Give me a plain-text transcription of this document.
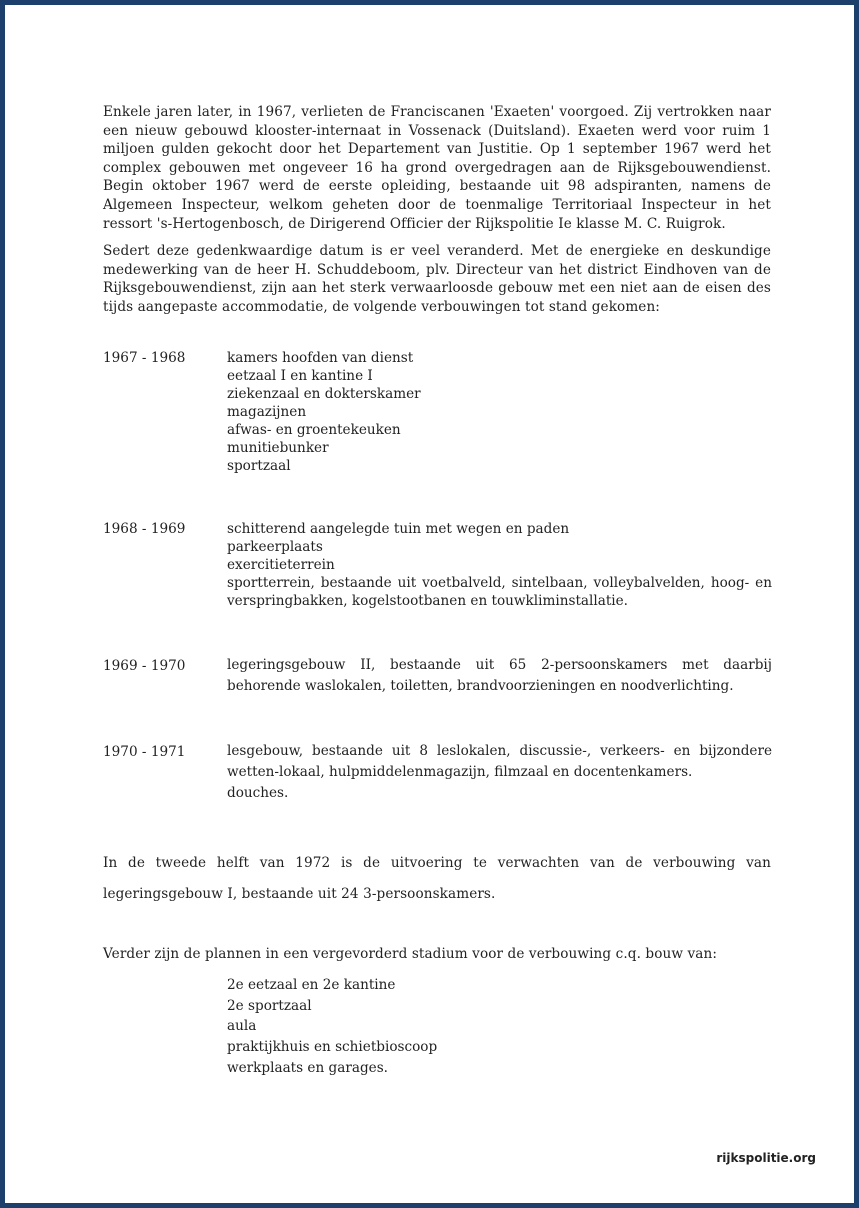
Enkele jaren later, in 1967, verlieten de Franciscanen 'Exaeten' voorgoed. Zij vertrokken naar een nieuw gebouwd klooster-internaat in Vossenack (Duitsland). Exaeten werd voor ruim 1 miljoen gulden gekocht door het Departement van Justitie. Op 1 september 1967 werd het complex gebouwen met ongeveer 16 ha grond overgedragen aan de Rijksgebouwendienst. Begin oktober 1967 werd de eerste opleiding, bestaande uit 98 adspiranten, namens de Algemeen Inspecteur, welkom geheten door de toenmalige Territoriaal Inspecteur in het ressort 's-Hertogenbosch, de Dirigerend Officier der Rijkspolitie Ie klasse M. C. Ruigrok.

Sedert deze gedenkwaardige datum is er veel veranderd. Met de energieke en deskundige medewerking van de heer H. Schuddeboom, plv. Directeur van het district Eindhoven van de Rijksgebouwendienst, zijn aan het sterk verwaarloosde gebouw met een niet aan de eisen des tijds aangepaste accommodatie, de volgende verbouwingen tot stand gekomen:

1967 - 1968	kamers hoofden van dienst
eetzaal I en kantine I
ziekenzaal en dokterskamer
magazijnen
afwas- en groentekeuken
munitiebunker
sportzaal
1968 - 1969	schitterend aangelegde tuin met wegen en paden
parkeerplaats
exercitieterrein
sportterrein, bestaande uit voetbalveld, sintelbaan, volleybalvelden, hoog- en verspringbakken, kogelstootbanen en touwkliminstallatie.
1969 - 1970	legeringsgebouw II, bestaande uit 65 2-persoonskamers met daarbij behorende waslokalen, toiletten, brandvoorzieningen en noodverlichting.
1970 - 1971	lesgebouw, bestaande uit 8 leslokalen, discussie-, verkeers- en bijzondere wetten-lokaal, hulpmiddelenmagazijn, filmzaal en docentenkamers.
douches.

In de tweede helft van 1972 is de uitvoering te verwachten van de verbouwing van legeringsgebouw I, bestaande uit 24 3-persoonskamers.

Verder zijn de plannen in een vergevorderd stadium voor de verbouwing c.q. bouw van:

2e eetzaal en 2e kantine
2e sportzaal
aula
praktijkhuis en schietbioscoop
werkplaats en garages.
rijkspolitie.org
